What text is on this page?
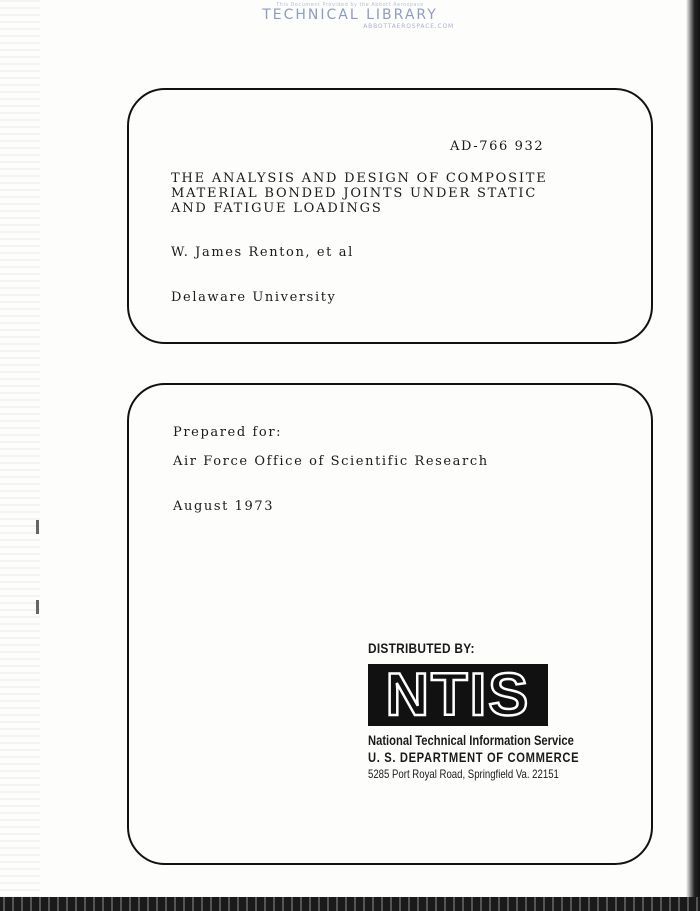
This Document Provided by the Abbott Aerospace
TECHNICAL LIBRARY
ABBOTTAEROSPACE.COM
AD-766 932
THE ANALYSIS AND DESIGN OF COMPOSITE
MATERIAL BONDED JOINTS UNDER STATIC
AND FATIGUE LOADINGS
W. James Renton, et al
Delaware University
Prepared for:
Air Force Office of Scientific Research
August 1973
DISTRIBUTED BY:
NTIS
National Technical Information Service
U. S. DEPARTMENT OF COMMERCE
5285 Port Royal Road, Springfield Va. 22151
